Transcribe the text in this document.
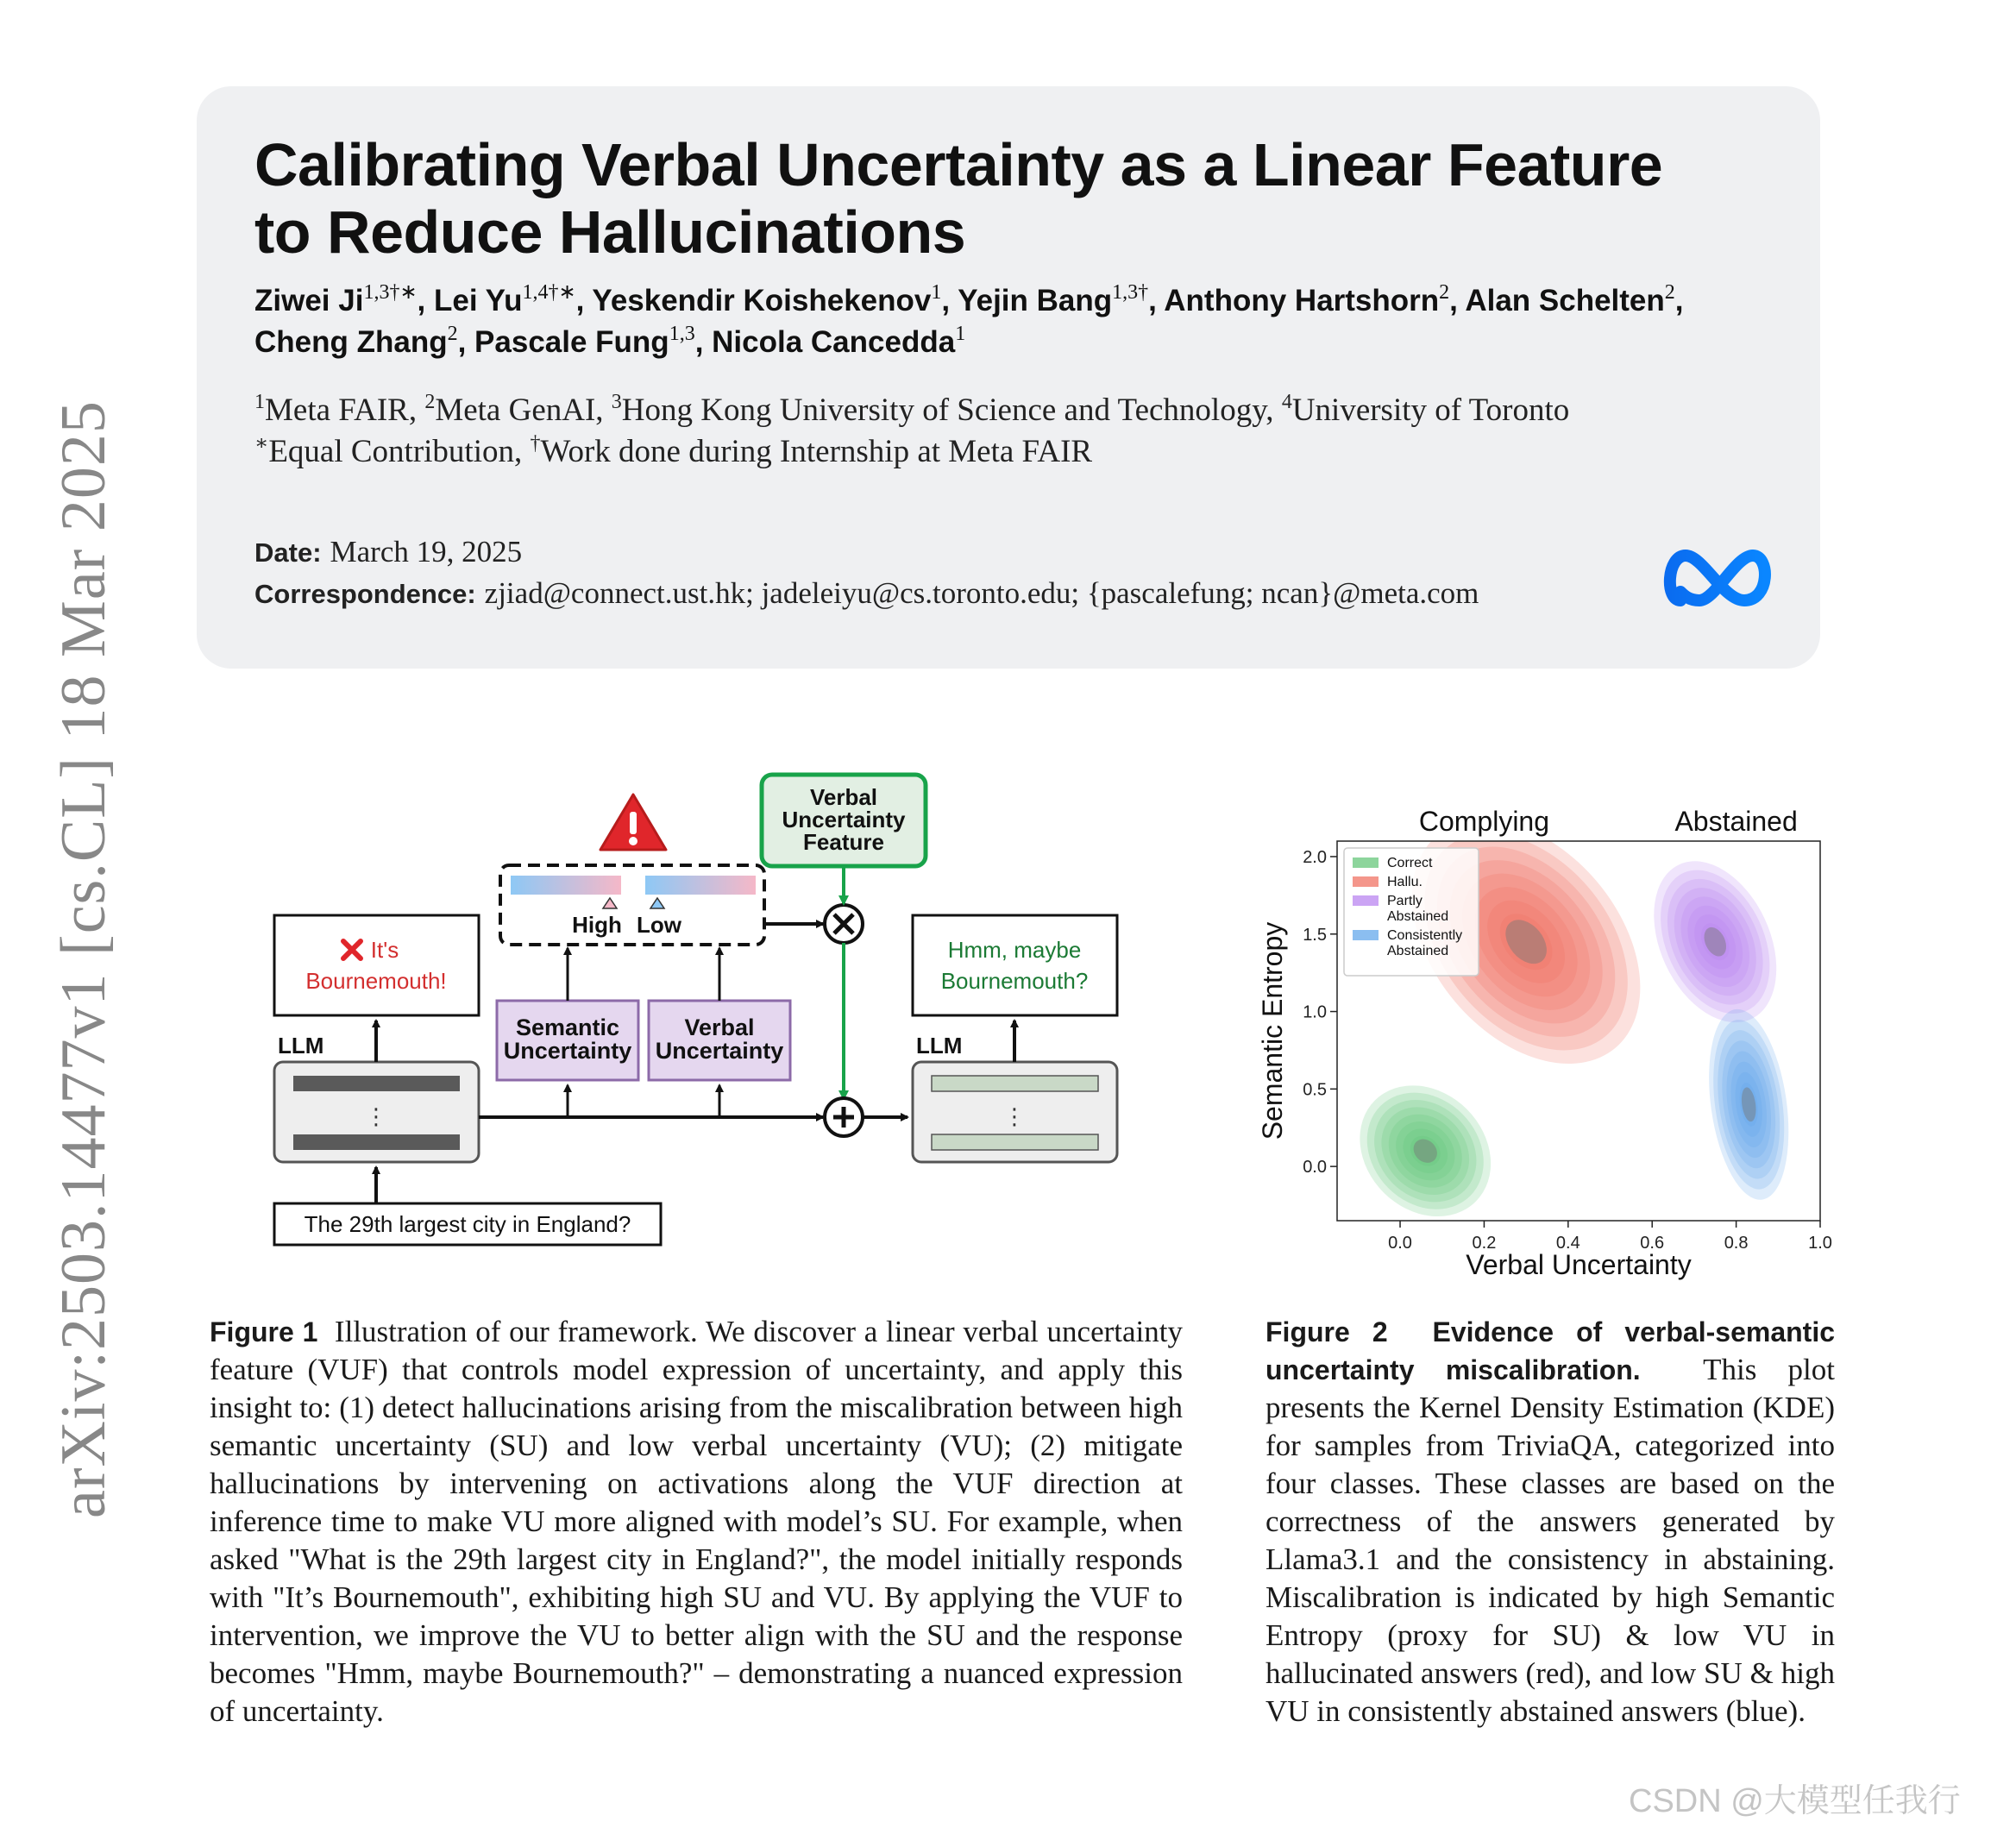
arXiv:2503.14477v1 [cs.CL] 18 Mar 2025
Calibrating Verbal Uncertainty as a Linear Feature
to Reduce Hallucinations
Ziwei $Ji^{1,3\dagger∗}$, Lei $Yu^{1,4\dagger∗}$, Yeskendir Koishekenov$^1$, Yejin Bang$^{1,3\dagger}$, Anthony Hartshorn$^2$, Alan Schelten$^2$,
Cheng Zhang$^2$, Pascale Fung$^{1,3}$, Nicola Cancedda$^1$
$^1$Meta FAIR, $^2$Meta GenAI, $^3$Hong Kong University of Science and Technology, $^4$University of Toronto
∗Equal Contribution, †Work done during Internship at Meta FAIR
Date: March 19, 2025
Correspondence: zjiad@connect.ust.hk; jadeleiyu@cs.toronto.edu; {pascalefung; ncan}@meta.com
Verbal
Uncertainty
Feature
High Low
Semantic
Uncertainty
Verbal
Uncertainty
It's
Bournemouth!
LLM
⋮
The 29th largest city in England?
LLM
⋮
Hmm, maybe
Bournemouth?
0.0	0.2	0.4	0.6	0.8	1.0
0.0
0.5
1.0
1.5
2.0
Complying	Abstained
Correct
Hallu.
Partly
Abstained
Consistently
Abstained
Verbal Uncertainty
Semantic Entropy
Figure 1 Illustration of our framework. We discover a linear verbal uncertainty feature (VUF) that controls model expression of uncertainty, and apply this insight to: (1) detect hallucinations arising from the miscalibration between high semantic uncertainty (SU) and low verbal uncertainty (VU); (2) mitigate hallucinations by intervening on activations along the VUF direction at inference time to make VU more aligned with model’s SU. For example, when asked "What is the 29th largest city in England?", the model initially responds with "It’s Bournemouth", exhibiting high SU and VU. By applying the VUF to intervention, we improve the VU to better align with the SU and the response becomes "Hmm, maybe Bournemouth?" – demonstrating a nuanced expression of uncertainty.
Figure 2 Evidence of verbal-semantic uncertainty miscalibration. This plot presents the Kernel Density Estimation (KDE) for samples from TriviaQA, categorized into four classes. These classes are based on the correctness of the answers generated by Llama3.1 and the consistency in abstaining. Miscalibration is indicated by high Semantic Entropy (proxy for SU) & low VU in hallucinated answers (red), and low SU & high VU in consistently abstained answers (blue).
CSDN @大模型任我行
